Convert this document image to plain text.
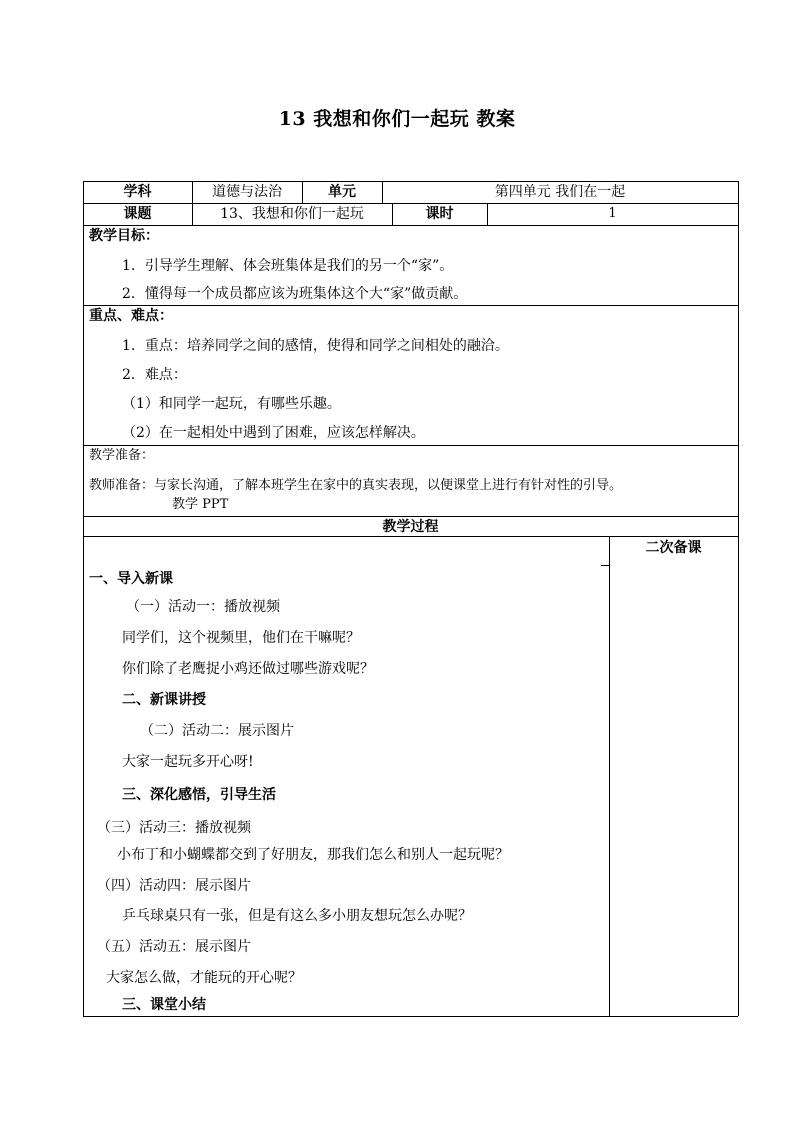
13 我想和你们一起玩 教案
学科	道德与法治	单元	第四单元 我们在一起
课题	13、我想和你们一起玩	课时	1
教学目标：
1．引导学生理解、体会班集体是我们的另一个“家”。
2．懂得每一个成员都应该为班集体这个大“家”做贡献。
重点、难点：
1．重点：培养同学之间的感情，使得和同学之间相处的融洽。
2．难点：
（1）和同学一起玩，有哪些乐趣。
（2）在一起相处中遇到了困难，应该怎样解决。
教学准备：
教师准备：与家长沟通，了解本班学生在家中的真实表现，以便课堂上进行有针对性的引导。
教学 PPT
教学过程
二次备课
一、导入新课
（一）活动一：播放视频
同学们，这个视频里，他们在干嘛呢？
你们除了老鹰捉小鸡还做过哪些游戏呢？
二、新课讲授
（二）活动二：展示图片
大家一起玩多开心呀!
三、深化感悟，引导生活
（三）活动三：播放视频
小布丁和小蝴蝶都交到了好朋友，那我们怎么和别人一起玩呢？
（四）活动四：展示图片
乒乓球桌只有一张，但是有这么多小朋友想玩怎么办呢？
（五）活动五：展示图片
大家怎么做，才能玩的开心呢？
三、课堂小结
